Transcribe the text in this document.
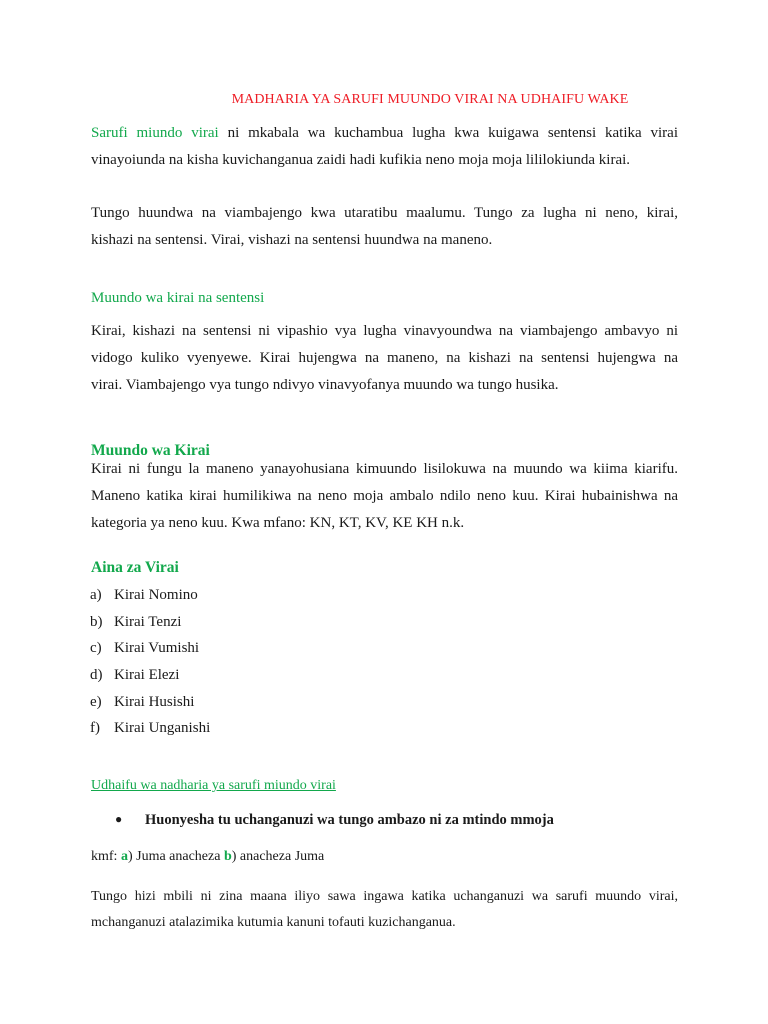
MADHARIA YA SARUFI MUUNDO VIRAI NA UDHAIFU WAKE

Sarufi miundo virai ni mkabala wa kuchambua lugha kwa kuigawa sentensi katika virai
vinayoiunda na kisha kuvichanganua zaidi hadi kufikia neno moja moja lililokiunda kirai.
Tungo huundwa na viambajengo kwa utaratibu maalumu. Tungo za lugha ni neno, kirai,
kishazi na sentensi. Virai, vishazi na sentensi huundwa na maneno.

Muundo wa kirai na sentensi

Kirai, kishazi na sentensi ni vipashio vya lugha vinavyoundwa na viambajengo ambavyo ni
vidogo kuliko vyenyewe. Kirai hujengwa na maneno, na kishazi na sentensi hujengwa na
virai. Viambajengo vya tungo ndivyo vinavyofanya muundo wa tungo husika.

Muundo wa Kirai

Kirai ni fungu la maneno yanayohusiana kimuundo lisilokuwa na muundo wa kiima kiarifu.
Maneno katika kirai humilikiwa na neno moja ambalo ndilo neno kuu. Kirai hubainishwa na
kategoria ya neno kuu. Kwa mfano: KN, KT, KV, KE KH n.k.

Aina za Virai

a) Kirai Nomino
b) Kirai Tenzi
c) Kirai Vumishi
d) Kirai Elezi
e) Kirai Husishi
f) Kirai Unganishi

Udhaifu wa nadharia ya sarufi miundo virai

● Huonyesha tu uchanganuzi wa tungo ambazo ni za mtindo mmoja

kmf: a) Juma anacheza b) anacheza Juma

Tungo hizi mbili ni zina maana iliyo sawa ingawa katika uchanganuzi wa sarufi muundo virai,
mchanganuzi atalazimika kutumia kanuni tofauti kuzichanganua.
